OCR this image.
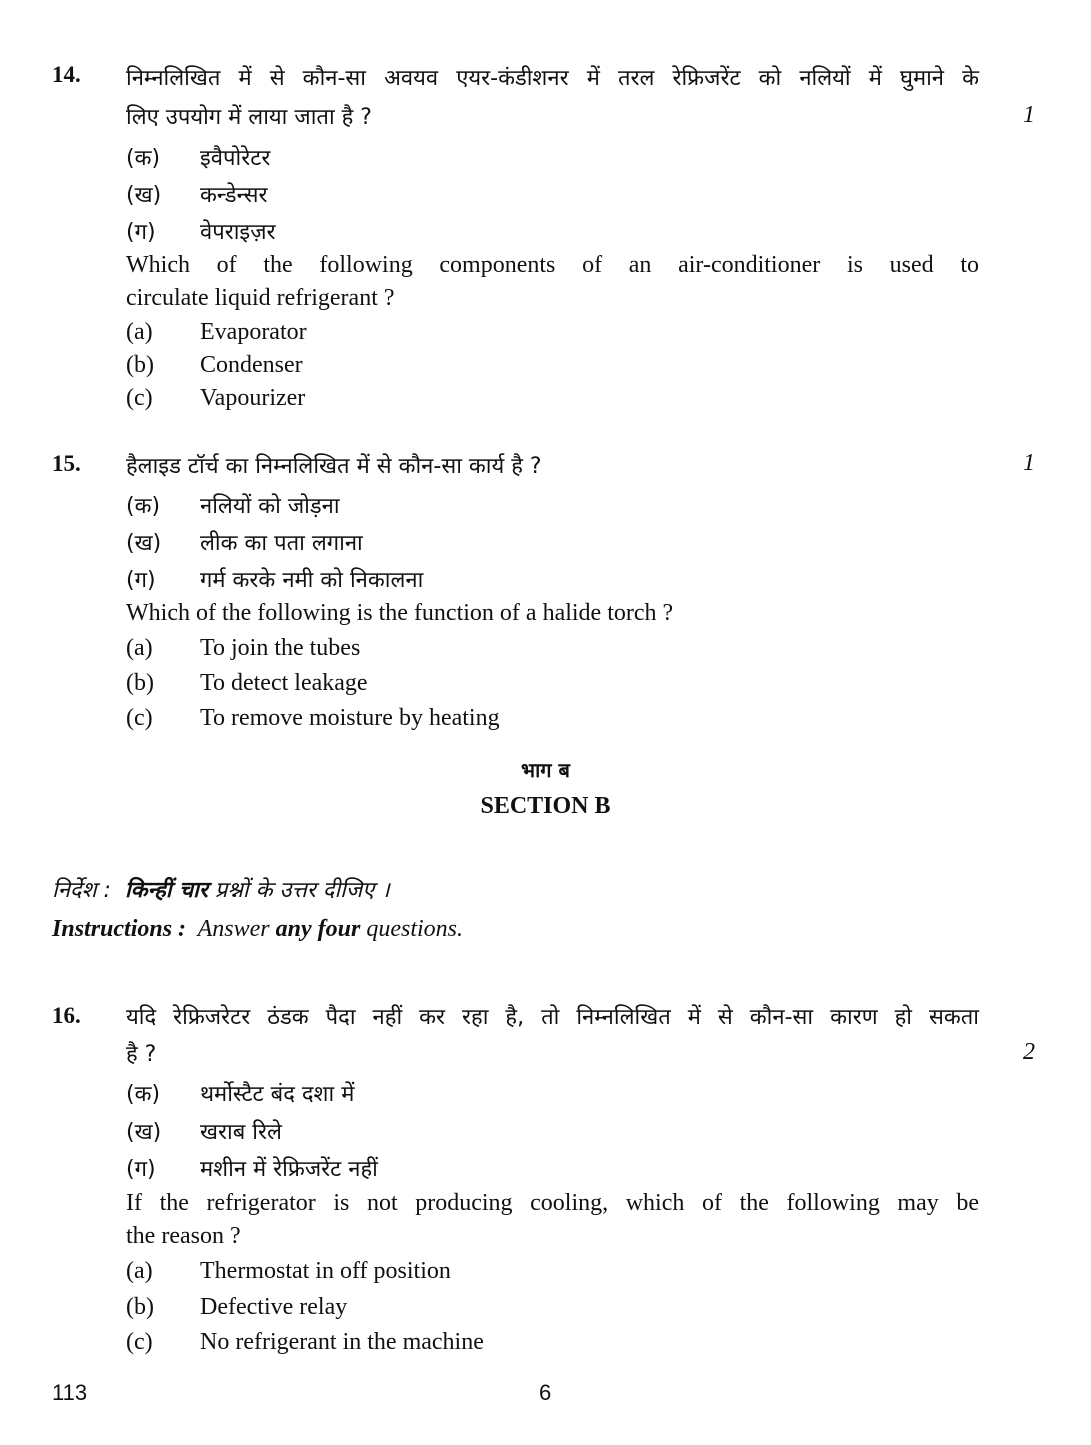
14. निम्नलिखित में से कौन-सा अवयव एयर-कंडीशनर में तरल रेफ्रिजरेंट को नलियों में घुमाने के
लिए उपयोग में लाया जाता है ?	1
(क) इवैपोरेटर
(ख) कन्डेन्सर
(ग) वेपराइज़र
Which of the following components of an air-conditioner is used to
circulate liquid refrigerant ?
(a) Evaporator
(b) Condenser
(c) Vapourizer
15. हैलाइड टॉर्च का निम्नलिखित में से कौन-सा कार्य है ?	1
(क) नलियों को जोड़ना
(ख) लीक का पता लगाना
(ग) गर्म करके नमी को निकालना
Which of the following is the function of a halide torch ?
(a) To join the tubes
(b) To detect leakage
(c) To remove moisture by heating
भाग ब
SECTION B
निर्देश : किन्हीं चार प्रश्नों के उत्तर दीजिए ।
Instructions : Answer any four questions.
16. यदि रेफ्रिजरेटर ठंडक पैदा नहीं कर रहा है, तो निम्नलिखित में से कौन-सा कारण हो सकता
है ?	2
(क) थर्मोस्टैट बंद दशा में
(ख) खराब रिले
(ग) मशीन में रेफ्रिजरेंट नहीं
If the refrigerator is not producing cooling, which of the following may be
the reason ?
(a) Thermostat in off position
(b) Defective relay
(c) No refrigerant in the machine
113	6
